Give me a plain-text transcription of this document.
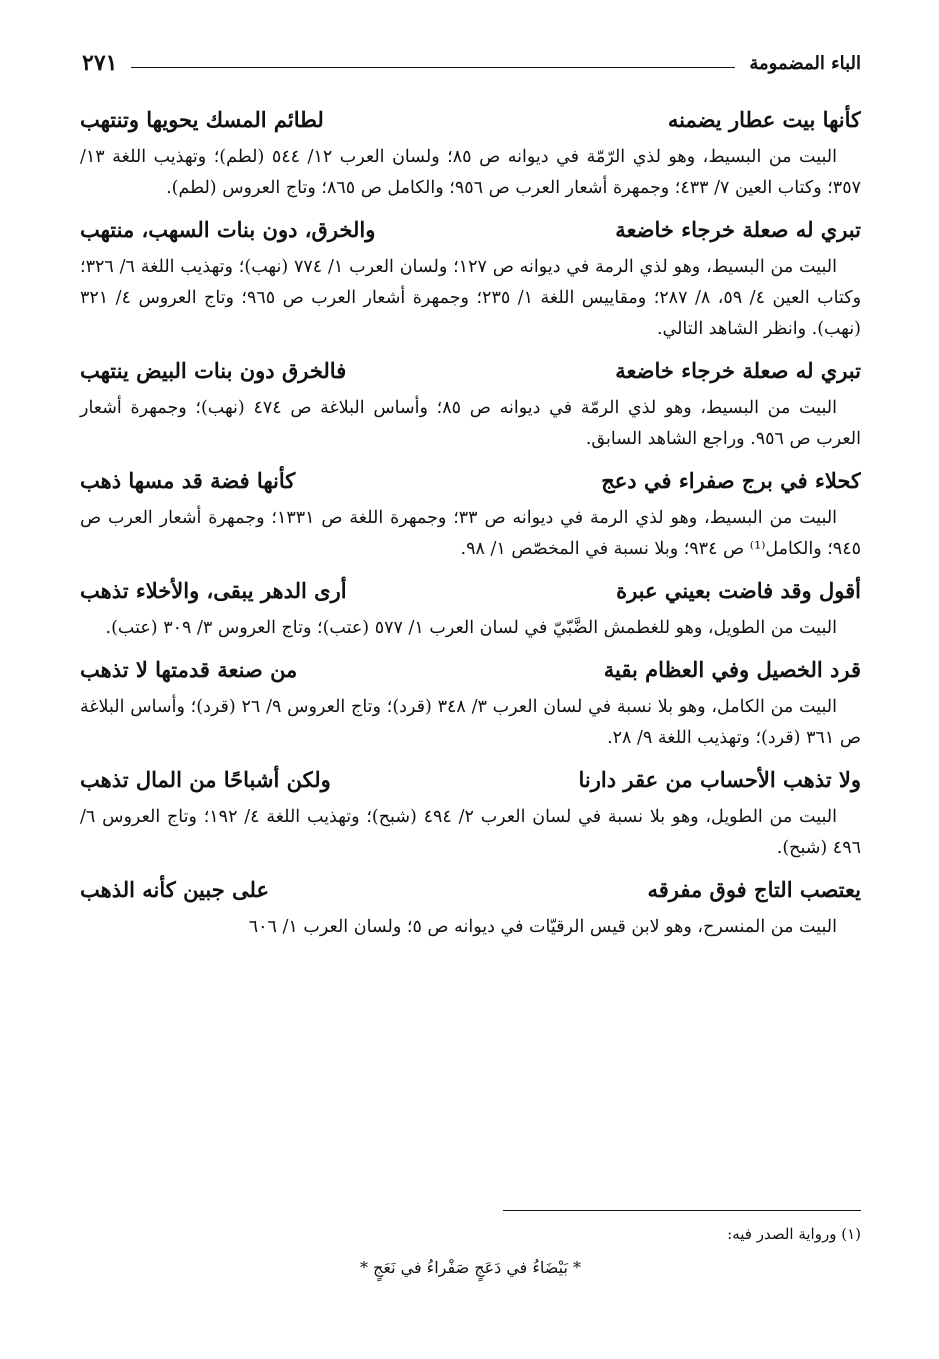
الباء المضمومة
٢٧١
كأنها بيت عطار يضمنه
لطائم المسك يحويها وتنتهب

البيت من البسيط، وهو لذي الرّمّة في ديوانه ص ٨٥؛ ولسان العرب ١٢/ ٥٤٤ (لطم)؛ وتهذيب اللغة ١٣/ ٣٥٧؛ وكتاب العين ٧/ ٤٣٣؛ وجمهرة أشعار العرب ص ٩٥٦؛ والكامل ص ٨٦٥؛ وتاج العروس (لطم).

تبري له صعلة خرجاء خاضعة
والخرق، دون بنات السهب، منتهب

البيت من البسيط، وهو لذي الرمة في ديوانه ص ١٢٧؛ ولسان العرب ١/ ٧٧٤ (نهب)؛ وتهذيب اللغة ٦/ ٣٢٦؛ وكتاب العين ٤/ ٥٩، ٨/ ٢٨٧؛ ومقاييس اللغة ١/ ٢٣٥؛ وجمهرة أشعار العرب ص ٩٦٥؛ وتاج العروس ٤/ ٣٢١ (نهب). وانظر الشاهد التالي.

تبري له صعلة خرجاء خاضعة
فالخرق دون بنات البيض ينتهب

البيت من البسيط، وهو لذي الرمّة في ديوانه ص ٨٥؛ وأساس البلاغة ص ٤٧٤ (نهب)؛ وجمهرة أشعار العرب ص ٩٥٦. وراجع الشاهد السابق.

كحلاء في برج صفراء في دعج
كأنها فضة قد مسها ذهب

البيت من البسيط، وهو لذي الرمة في ديوانه ص ٣٣؛ وجمهرة اللغة ص ١٣٣١؛ وجمهرة أشعار العرب ص ٩٤٥؛ والكامل⁽¹⁾ ص ٩٣٤؛ وبلا نسبة في المخصّص ١/ ٩٨.

أقول وقد فاضت بعيني عبرة
أرى الدهر يبقى، والأخلاء تذهب

البيت من الطويل، وهو للغطمش الضَّبّيّ في لسان العرب ١/ ٥٧٧ (عتب)؛ وتاج العروس ٣/ ٣٠٩ (عتب).

قرد الخصيل وفي العظام بقية
من صنعة قدمتها لا تذهب

البيت من الكامل، وهو بلا نسبة في لسان العرب ٣/ ٣٤٨ (قرد)؛ وتاج العروس ٩/ ٢٦ (قرد)؛ وأساس البلاغة ص ٣٦١ (قرد)؛ وتهذيب اللغة ٩/ ٢٨.

ولا تذهب الأحساب من عقر دارنا
ولكن أشباحًا من المال تذهب

البيت من الطويل، وهو بلا نسبة في لسان العرب ٢/ ٤٩٤ (شبح)؛ وتهذيب اللغة ٤/ ١٩٢؛ وتاج العروس ٦/ ٤٩٦ (شبح).

يعتصب التاج فوق مفرقه
على جبين كأنه الذهب

البيت من المنسرح، وهو لابن قيس الرقيّات في ديوانه ص ٥؛ ولسان العرب ١/ ٦٠٦

(١) ورواية الصدر فيه:
* بَيْضَاءُ في دَعَجٍ صَفْراءُ في نَعَجٍ *
